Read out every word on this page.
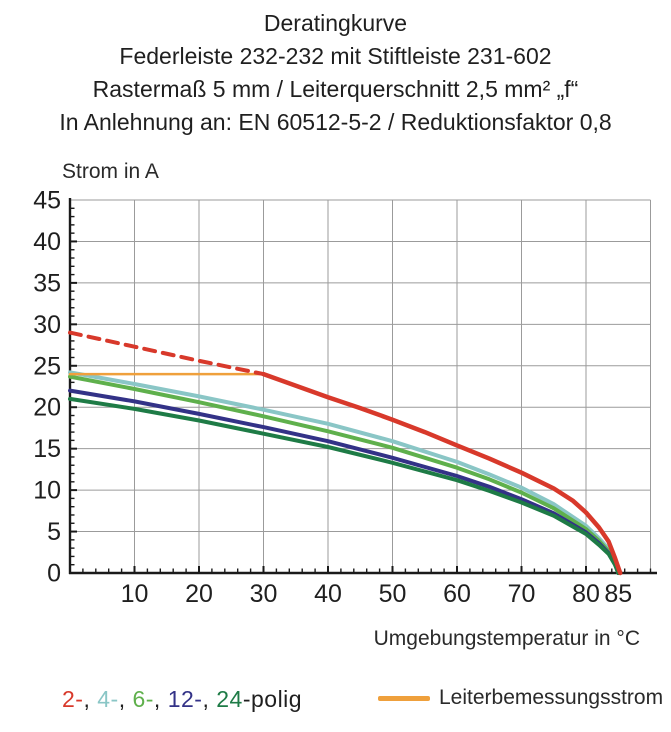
Deratingkurve
Federleiste 232-232 mit Stiftleiste 231-602
Rastermaß 5 mm / Leiterquerschnitt 2,5 mm² „f“
In Anlehnung an: EN 60512-5-2 / Reduktionsfaktor 0,8
Strom in A
0
5
10
15
20
25
30
35
40
45
10 20 30 40 50 60 70 80 85
Umgebungstemperatur in °C
2-, 4-, 6-, 12-, 24-polig	Leiterbemessungsstrom
